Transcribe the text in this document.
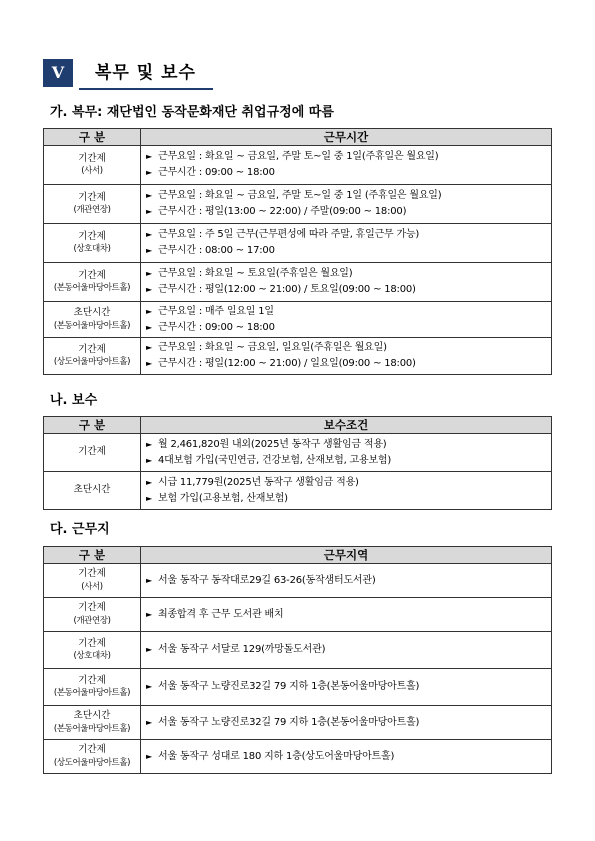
V	복무 및 보수
가. 복무: 재단법인 동작문화재단 취업규정에 따름
구 분	근무시간
기간제
(사서)	► 근무요일 : 화요일 ~ 금요일, 주말 토~일 중 1일(주휴일은 월요일)
► 근무시간 : 09:00 ~ 18:00

기간제
(개관연장)	► 근무요일 : 화요일 ~ 금요일, 주말 토~일 중 1일 (주휴일은 월요일)
► 근무시간 : 평일(13:00 ~ 22:00) / 주말(09:00 ~ 18:00)

기간제
(상호대차)	► 근무요일 : 주 5일 근무(근무편성에 따라 주말, 휴일근무 가능)
► 근무시간 : 08:00 ~ 17:00

기간제
(본동어울마당아트홀)	► 근무요일 : 화요일 ~ 토요일(주휴일은 월요일)
► 근무시간 : 평일(12:00 ~ 21:00) / 토요일(09:00 ~ 18:00)

초단시간
(본동어울마당아트홀)	► 근무요일 : 매주 일요일 1일
► 근무시간 : 09:00 ~ 18:00

기간제
(상도어울마당아트홀)	► 근무요일 : 화요일 ~ 금요일, 일요일(주휴일은 월요일)
► 근무시간 : 평일(12:00 ~ 21:00) / 일요일(09:00 ~ 18:00)
나. 보수
구 분	보수조건
기간제	► 월 2,461,820원 내외(2025년 동작구 생활임금 적용)
► 4대보험 가입(국민연금, 건강보험, 산재보험, 고용보험)

초단시간	► 시급 11,779원(2025년 동작구 생활임금 적용)
► 보험 가입(고용보험, 산재보험)
다. 근무지
구 분	근무지역
기간제
(사서)	► 서울 동작구 동작대로29길 63-26(동작샘터도서관)

기간제
(개관연장)	► 최종합격 후 근무 도서관 배치

기간제
(상호대차)	► 서울 동작구 서달로 129(까망돌도서관)

기간제
(본동어울마당아트홀)	► 서울 동작구 노량진로32길 79 지하 1층(본동어울마당아트홀)

초단시간
(본동어울마당아트홀)	► 서울 동작구 노량진로32길 79 지하 1층(본동어울마당아트홀)

기간제
(상도어울마당아트홀)	► 서울 동작구 성대로 180 지하 1층(상도어울마당아트홀)
